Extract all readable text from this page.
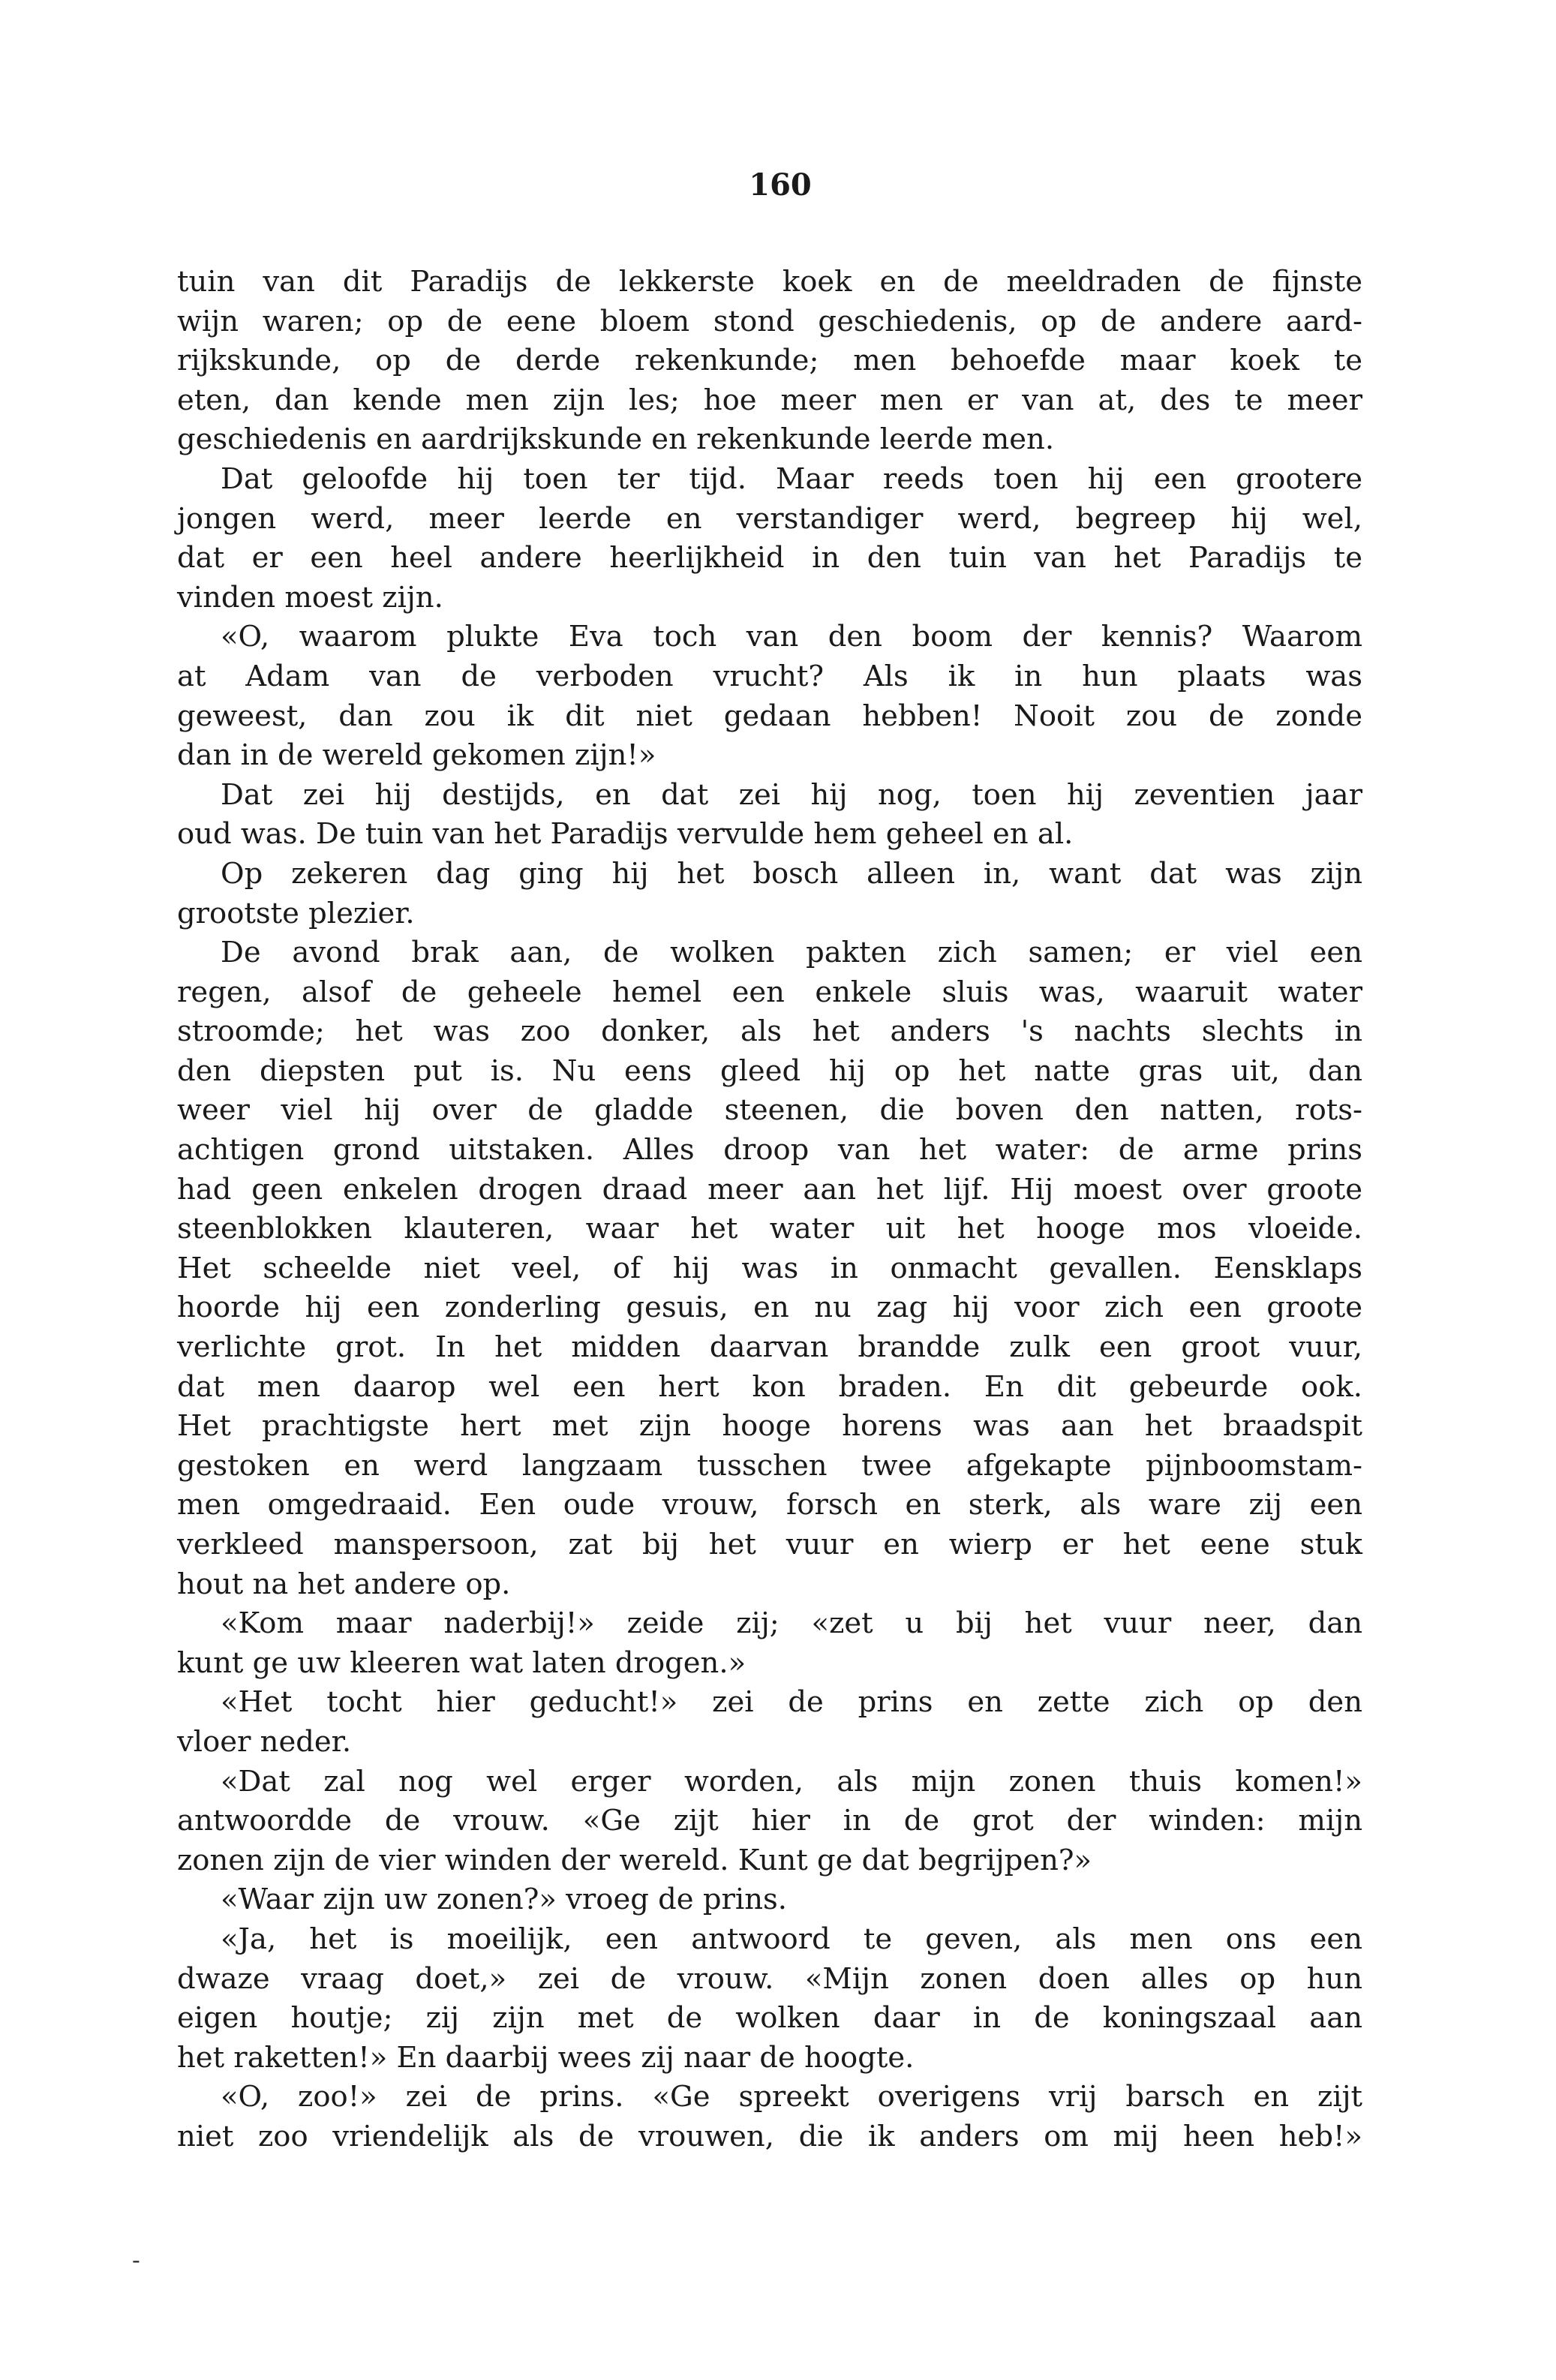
160
tuin van dit Paradijs de lekkerste koek en de meeldraden de fijnste
wijn waren; op de eene bloem stond geschiedenis, op de andere aard-
rijkskunde, op de derde rekenkunde; men behoefde maar koek te
eten, dan kende men zijn les; hoe meer men er van at, des te meer
geschiedenis en aardrijkskunde en rekenkunde leerde men.
Dat geloofde hij toen ter tijd. Maar reeds toen hij een grootere
jongen werd, meer leerde en verstandiger werd, begreep hij wel,
dat er een heel andere heerlijkheid in den tuin van het Paradijs te
vinden moest zijn.
«O, waarom plukte Eva toch van den boom der kennis? Waarom
at Adam van de verboden vrucht? Als ik in hun plaats was
geweest, dan zou ik dit niet gedaan hebben! Nooit zou de zonde
dan in de wereld gekomen zijn!»
Dat zei hij destijds, en dat zei hij nog, toen hij zeventien jaar
oud was. De tuin van het Paradijs vervulde hem geheel en al.
Op zekeren dag ging hij het bosch alleen in, want dat was zijn
grootste plezier.
De avond brak aan, de wolken pakten zich samen; er viel een
regen, alsof de geheele hemel een enkele sluis was, waaruit water
stroomde; het was zoo donker, als het anders 's nachts slechts in
den diepsten put is. Nu eens gleed hij op het natte gras uit, dan
weer viel hij over de gladde steenen, die boven den natten, rots-
achtigen grond uitstaken. Alles droop van het water: de arme prins
had geen enkelen drogen draad meer aan het lijf. Hij moest over groote
steenblokken klauteren, waar het water uit het hooge mos vloeide.
Het scheelde niet veel, of hij was in onmacht gevallen. Eensklaps
hoorde hij een zonderling gesuis, en nu zag hij voor zich een groote
verlichte grot. In het midden daarvan brandde zulk een groot vuur,
dat men daarop wel een hert kon braden. En dit gebeurde ook.
Het prachtigste hert met zijn hooge horens was aan het braadspit
gestoken en werd langzaam tusschen twee afgekapte pijnboomstam-
men omgedraaid. Een oude vrouw, forsch en sterk, als ware zij een
verkleed manspersoon, zat bij het vuur en wierp er het eene stuk
hout na het andere op.
«Kom maar naderbij!» zeide zij; «zet u bij het vuur neer, dan
kunt ge uw kleeren wat laten drogen.»
«Het tocht hier geducht!» zei de prins en zette zich op den
vloer neder.
«Dat zal nog wel erger worden, als mijn zonen thuis komen!»
antwoordde de vrouw. «Ge zijt hier in de grot der winden: mijn
zonen zijn de vier winden der wereld. Kunt ge dat begrijpen?»
«Waar zijn uw zonen?» vroeg de prins.
«Ja, het is moeilijk, een antwoord te geven, als men ons een
dwaze vraag doet,» zei de vrouw. «Mijn zonen doen alles op hun
eigen houtje; zij zijn met de wolken daar in de koningszaal aan
het raketten!» En daarbij wees zij naar de hoogte.
«O, zoo!» zei de prins. «Ge spreekt overigens vrij barsch en zijt
niet zoo vriendelijk als de vrouwen, die ik anders om mij heen heb!»
-
